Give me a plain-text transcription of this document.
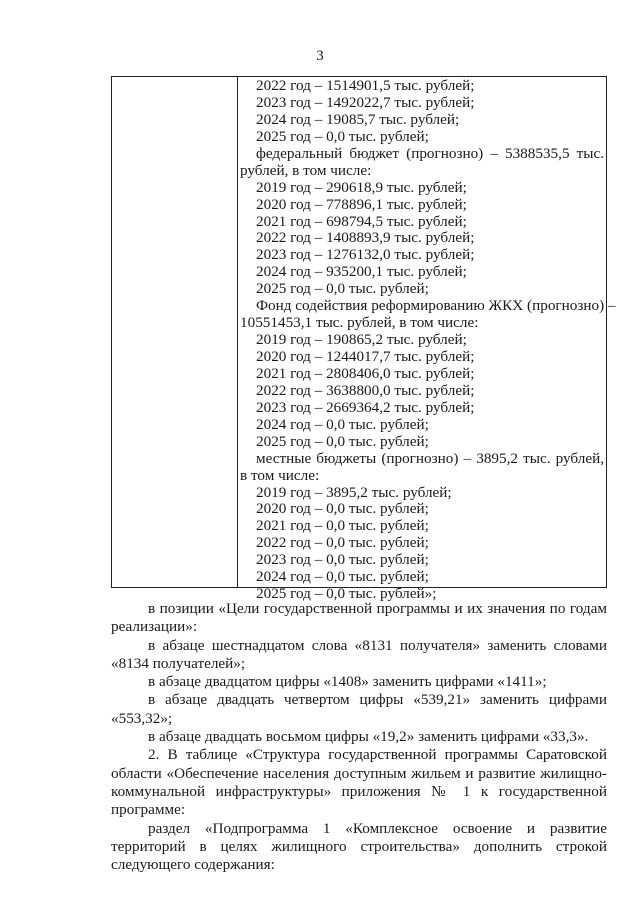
3
2022 год – 1514901,5 тыс. рублей;
2023 год – 1492022,7 тыс. рублей;
2024 год – 19085,7 тыс. рублей;
2025 год – 0,0 тыс. рублей;
федеральный бюджет (прогнозно) – 5388535,5 тыс.
рублей, в том числе:
2019 год – 290618,9 тыс. рублей;
2020 год – 778896,1 тыс. рублей;
2021 год – 698794,5 тыс. рублей;
2022 год – 1408893,9 тыс. рублей;
2023 год – 1276132,0 тыс. рублей;
2024 год – 935200,1 тыс. рублей;
2025 год – 0,0 тыс. рублей;
Фонд содействия реформированию ЖКХ (прогнозно) –
10551453,1 тыс. рублей, в том числе:
2019 год – 190865,2 тыс. рублей;
2020 год – 1244017,7 тыс. рублей;
2021 год – 2808406,0 тыс. рублей;
2022 год – 3638800,0 тыс. рублей;
2023 год – 2669364,2 тыс. рублей;
2024 год – 0,0 тыс. рублей;
2025 год – 0,0 тыс. рублей;
местные бюджеты (прогнозно) – 3895,2 тыс. рублей,
в том числе:
2019 год – 3895,2 тыс. рублей;
2020 год – 0,0 тыс. рублей;
2021 год – 0,0 тыс. рублей;
2022 год – 0,0 тыс. рублей;
2023 год – 0,0 тыс. рублей;
2024 год – 0,0 тыс. рублей;
2025 год – 0,0 тыс. рублей»;
в позиции «Цели государственной программы и их значения по годам
реализации»:
в абзаце шестнадцатом слова «8131 получателя» заменить словами
«8134 получателей»;
в абзаце двадцатом цифры «1408» заменить цифрами «1411»;
в абзаце двадцать четвертом цифры «539,21» заменить цифрами
«553,32»;
в абзаце двадцать восьмом цифры «19,2» заменить цифрами «33,3».
2. В таблице «Структура государственной программы Саратовской
области «Обеспечение населения доступным жильем и развитие жилищно-
коммунальной инфраструктуры» приложения № 1 к государственной
программе:
раздел «Подпрограмма 1 «Комплексное освоение и развитие
территорий в целях жилищного строительства» дополнить строкой
следующего содержания:
